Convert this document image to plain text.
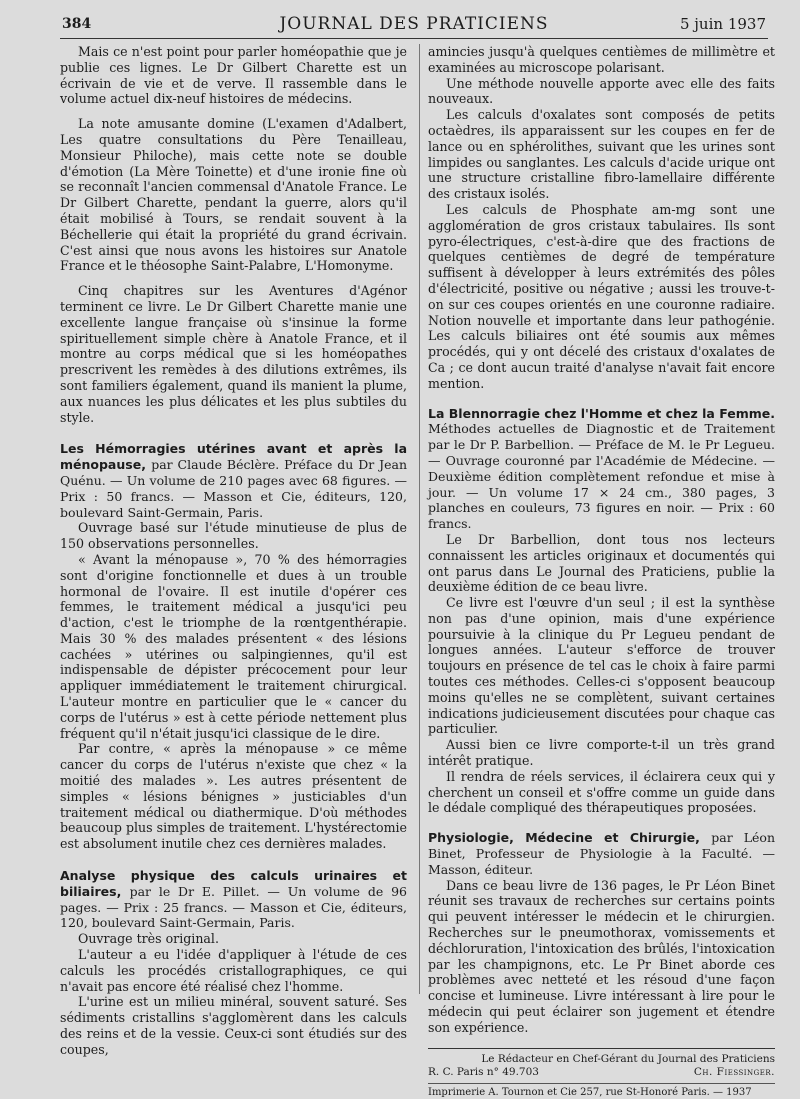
384	JOURNAL DES PRATICIENS	5 juin 1937

Mais ce n'est point pour parler homéopathie que je publie ces lignes. Le Dr Gilbert Charette est un écrivain de vie et de verve. Il rassemble dans le volume actuel dix-neuf histoires de médecins.

La note amusante domine (L'examen d'Adalbert, Les quatre consultations du Père Tenailleau, Monsieur Philoche), mais cette note se double d'émotion (La Mère Toinette) et d'une ironie fine où se reconnaît l'ancien commensal d'Anatole France. Le Dr Gilbert Charette, pendant la guerre, alors qu'il était mobilisé à Tours, se rendait souvent à la Béchellerie qui était la propriété du grand écrivain. C'est ainsi que nous avons les histoires sur Anatole France et le théosophe Saint-Palabre, L'Homonyme.

Cinq chapitres sur les Aventures d'Agénor terminent ce livre. Le Dr Gilbert Charette manie une excellente langue française où s'insinue la forme spirituellement simple chère à Anatole France, et il montre au corps médical que si les homéopathes prescrivent les remèdes à des dilutions extrêmes, ils sont familiers également, quand ils manient la plume, aux nuances les plus délicates et les plus subtiles du style.

Les Hémorragies utérines avant et après la ménopause, par Claude Béclère. Préface du Dr Jean Quénu. — Un volume de 210 pages avec 68 figures. — Prix : 50 francs. — Masson et Cie, éditeurs, 120, boulevard Saint-Germain, Paris.

Ouvrage basé sur l'étude minutieuse de plus de 150 observations personnelles.

« Avant la ménopause », 70 % des hémorragies sont d'origine fonctionnelle et dues à un trouble hormonal de l'ovaire. Il est inutile d'opérer ces femmes, le traitement médical a jusqu'ici peu d'action, c'est le triomphe de la rœntgenthérapie. Mais 30 % des malades présentent « des lésions cachées » utérines ou salpingiennes, qu'il est indispensable de dépister précocement pour leur appliquer immédiatement le traitement chirurgical. L'auteur montre en particulier que le « cancer du corps de l'utérus » est à cette période nettement plus fréquent qu'il n'était jusqu'ici classique de le dire.

Par contre, « après la ménopause » ce même cancer du corps de l'utérus n'existe que chez « la moitié des malades ». Les autres présentent de simples « lésions bénignes » justiciables d'un traitement médical ou diathermique. D'où méthodes beaucoup plus simples de traitement. L'hystérectomie est absolument inutile chez ces dernières malades.

Analyse physique des calculs urinaires et biliaires, par le Dr E. Pillet. — Un volume de 96 pages. — Prix : 25 francs. — Masson et Cie, éditeurs, 120, boulevard Saint-Germain, Paris.

Ouvrage très original.

L'auteur a eu l'idée d'appliquer à l'étude de ces calculs les procédés cristallographiques, ce qui n'avait pas encore été réalisé chez l'homme.

L'urine est un milieu minéral, souvent saturé. Ses sédiments cristallins s'agglomèrent dans les calculs des reins et de la vessie. Ceux-ci sont étudiés sur des coupes,

amincies jusqu'à quelques centièmes de millimètre et examinées au microscope polarisant.

Une méthode nouvelle apporte avec elle des faits nouveaux.

Les calculs d'oxalates sont composés de petits octaèdres, ils apparaissent sur les coupes en fer de lance ou en sphérolithes, suivant que les urines sont limpides ou sanglantes. Les calculs d'acide urique ont une structure cristalline fibro-lamellaire différente des cristaux isolés.

Les calculs de Phosphate am-mg sont une agglomération de gros cristaux tabulaires. Ils sont pyro-électriques, c'est-à-dire que des fractions de quelques centièmes de degré de température suffisent à développer à leurs extrémités des pôles d'électricité, positive ou négative ; aussi les trouve-t-on sur ces coupes orientés en une couronne radiaire. Notion nouvelle et importante dans leur pathogénie. Les calculs biliaires ont été soumis aux mêmes procédés, qui y ont décelé des cristaux d'oxalates de Ca ; ce dont aucun traité d'analyse n'avait fait encore mention.

La Blennorragie chez l'Homme et chez la Femme. Méthodes actuelles de Diagnostic et de Traitement par le Dr P. Barbellion. — Préface de M. le Pr Legueu. — Ouvrage couronné par l'Académie de Médecine. — Deuxième édition complètement refondue et mise à jour. — Un volume 17 × 24 cm., 380 pages, 3 planches en couleurs, 73 figures en noir. — Prix : 60 francs.

Le Dr Barbellion, dont tous nos lecteurs connaissent les articles originaux et documentés qui ont parus dans Le Journal des Praticiens, publie la deuxième édition de ce beau livre.

Ce livre est l'œuvre d'un seul ; il est la synthèse non pas d'une opinion, mais d'une expérience poursuivie à la clinique du Pr Legueu pendant de longues années. L'auteur s'efforce de trouver toujours en présence de tel cas le choix à faire parmi toutes ces méthodes. Celles-ci s'opposent beaucoup moins qu'elles ne se complètent, suivant certaines indications judicieusement discutées pour chaque cas particulier.

Aussi bien ce livre comporte-t-il un très grand intérêt pratique.

Il rendra de réels services, il éclairera ceux qui y cherchent un conseil et s'offre comme un guide dans le dédale compliqué des thérapeutiques proposées.

Physiologie, Médecine et Chirurgie, par Léon Binet, Professeur de Physiologie à la Faculté. — Masson, éditeur.

Dans ce beau livre de 136 pages, le Pr Léon Binet réunit ses travaux de recherches sur certains points qui peuvent intéresser le médecin et le chirurgien. Recherches sur le pneumothorax, vomissements et déchloruration, l'intoxication des brûlés, l'intoxication par les champignons, etc. Le Pr Binet aborde ces problèmes avec netteté et les résoud d'une façon concise et lumineuse. Livre intéressant à lire pour le médecin qui peut éclairer son jugement et étendre son expérience.

Le Rédacteur en Chef-Gérant du Journal des Praticiens
R. C. Paris n° 49.703	Ch. Fiessinger.
Imprimerie A. Tournon et Cie 257, rue St-Honoré Paris. — 1937
